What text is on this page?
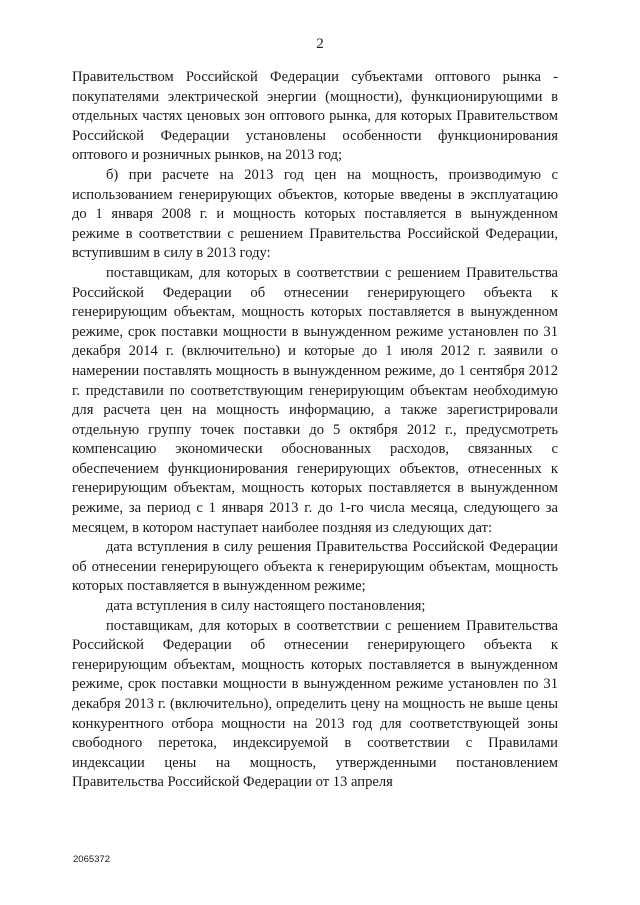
2

Правительством Российской Федерации субъектами оптового рынка - покупателями электрической энергии (мощности), функционирующими в отдельных частях ценовых зон оптового рынка, для которых Правительством Российской Федерации установлены особенности функционирования оптового и розничных рынков, на 2013 год;

б) при расчете на 2013 год цен на мощность, производимую с использованием генерирующих объектов, которые введены в эксплуатацию до 1 января 2008 г. и мощность которых поставляется в вынужденном режиме в соответствии с решением Правительства Российской Федерации, вступившим в силу в 2013 году:

поставщикам, для которых в соответствии с решением Правительства Российской Федерации об отнесении генерирующего объекта к генерирующим объектам, мощность которых поставляется в вынужденном режиме, срок поставки мощности в вынужденном режиме установлен по 31 декабря 2014 г. (включительно) и которые до 1 июля 2012 г. заявили о намерении поставлять мощность в вынужденном режиме, до 1 сентября 2012 г. представили по соответствующим генерирующим объектам необходимую для расчета цен на мощность информацию, а также зарегистрировали отдельную группу точек поставки до 5 октября 2012 г., предусмотреть компенсацию экономически обоснованных расходов, связанных с обеспечением функционирования генерирующих объектов, отнесенных к генерирующим объектам, мощность которых поставляется в вынужденном режиме, за период с 1 января 2013 г. до 1-го числа месяца, следующего за месяцем, в котором наступает наиболее поздняя из следующих дат:

дата вступления в силу решения Правительства Российской Федерации об отнесении генерирующего объекта к генерирующим объектам, мощность которых поставляется в вынужденном режиме;

дата вступления в силу настоящего постановления;

поставщикам, для которых в соответствии с решением Правительства Российской Федерации об отнесении генерирующего объекта к генерирующим объектам, мощность которых поставляется в вынужденном режиме, срок поставки мощности в вынужденном режиме установлен по 31 декабря 2013 г. (включительно), определить цену на мощность не выше цены конкурентного отбора мощности на 2013 год для соответствующей зоны свободного перетока, индексируемой в соответствии с Правилами индексации цены на мощность, утвержденными постановлением Правительства Российской Федерации от 13 апреля

2065372
